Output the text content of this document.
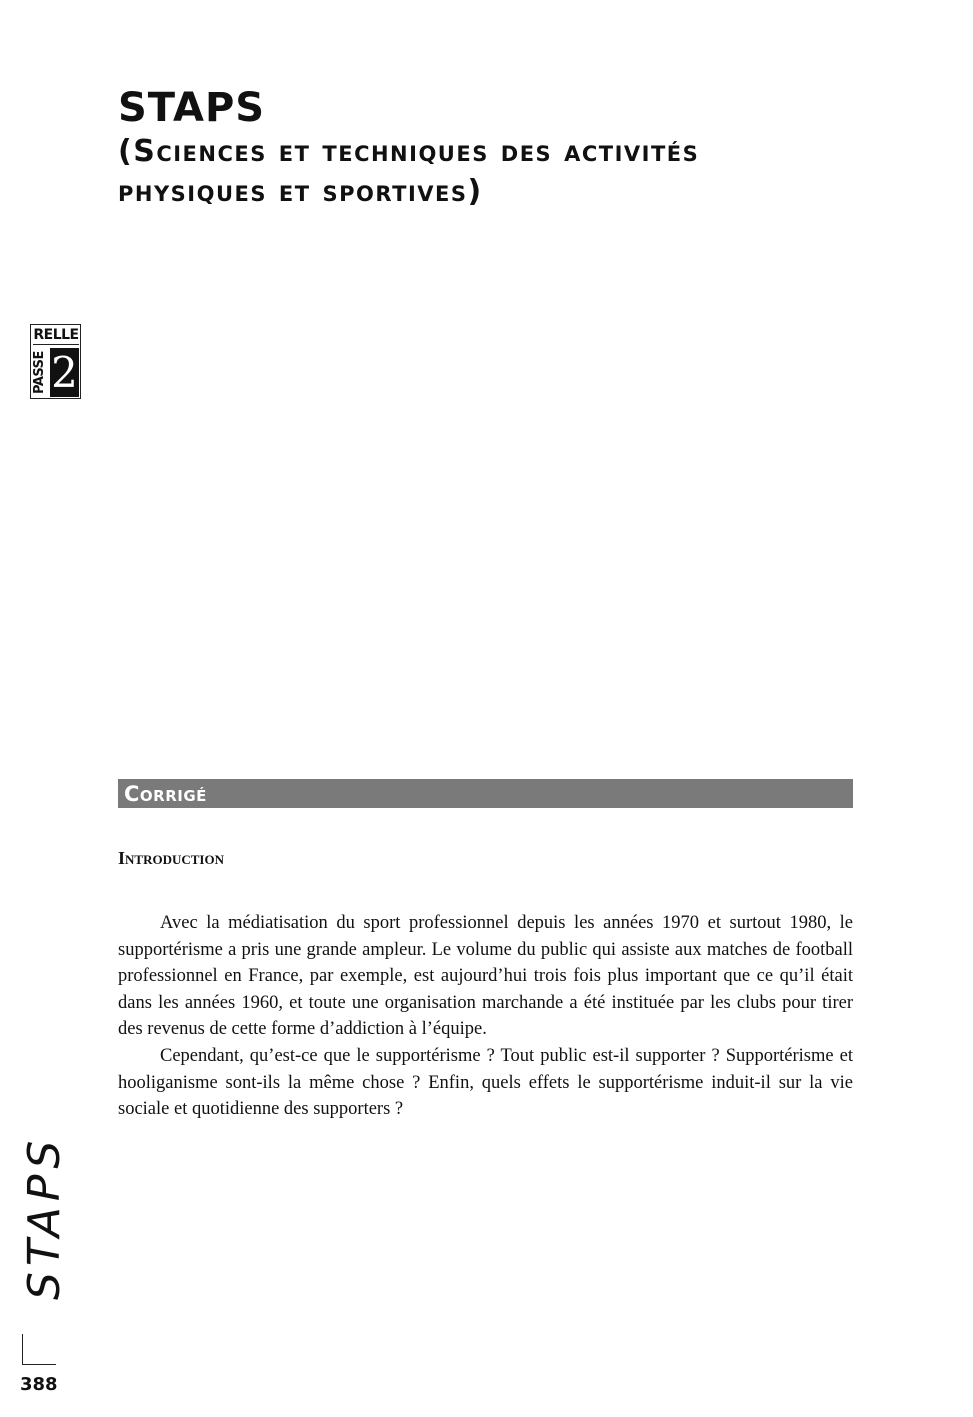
STAPS
(Sciences et techniques des activités
physiques et sportives)
RELLE
PASSE 2
Corrigé
Introduction

Avec la médiatisation du sport professionnel depuis les années 1970 et surtout 1980, le supportérisme a pris une grande ampleur. Le volume du public qui assiste aux matches de football professionnel en France, par exemple, est aujourd’hui trois fois plus important que ce qu’il était dans les années 1960, et toute une organisation marchande a été instituée par les clubs pour tirer des revenus de cette forme d’addiction à l’équipe.

Cependant, qu’est-ce que le supportérisme ? Tout public est-il supporter ? Supportérisme et hooliganisme sont-ils la même chose ? Enfin, quels effets le supportérisme induit-il sur la vie sociale et quotidienne des supporters ?

STAPS
388
